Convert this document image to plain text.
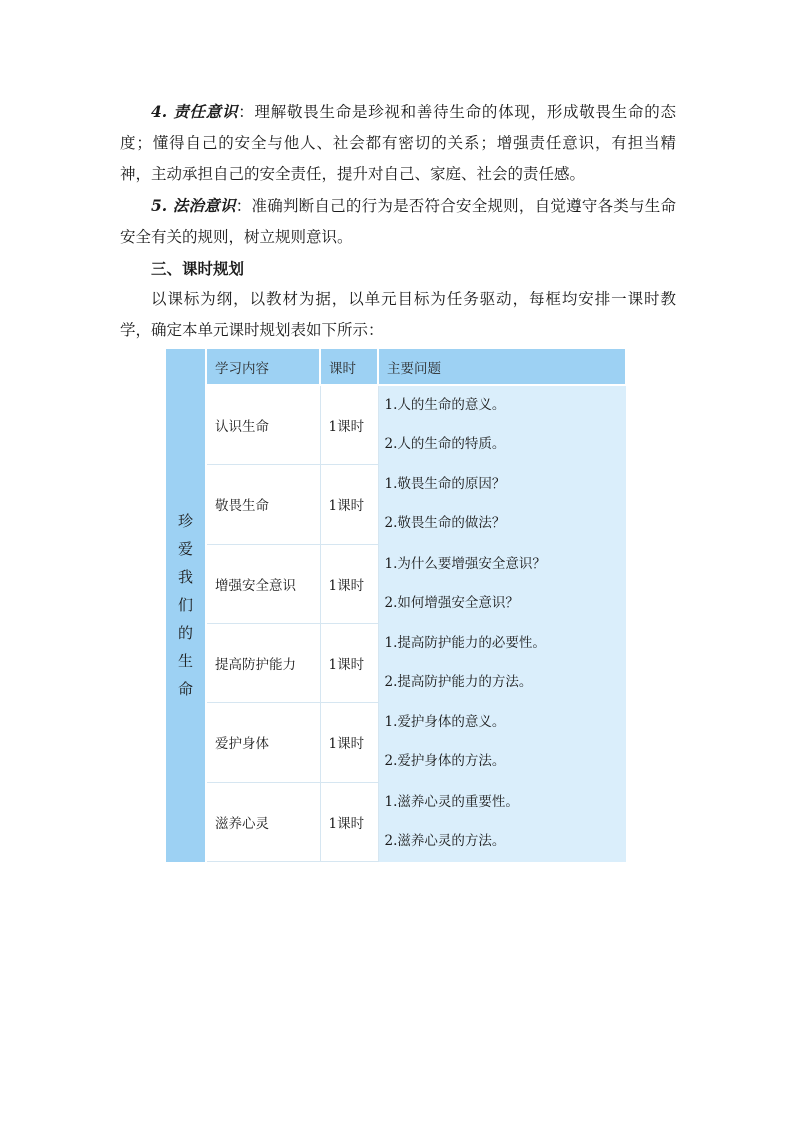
4. 责任意识：理解敬畏生命是珍视和善待生命的体现，形成敬畏生命的态度；懂得自己的安全与他人、社会都有密切的关系；增强责任意识，有担当精神，主动承担自己的安全责任，提升对自己、家庭、社会的责任感。

5. 法治意识：准确判断自己的行为是否符合安全规则，自觉遵守各类与生命安全有关的规则，树立规则意识。

三、课时规划

以课标为纲，以教材为据，以单元目标为任务驱动，每框均安排一课时教学，确定本单元课时规划表如下所示：

珍爱我们的生命	学习内容	课时	主要问题
	认识生命	1课时	1.人的生命的意义。
2.人的生命的特质。

	敬畏生命	1课时	1.敬畏生命的原因？
2.敬畏生命的做法？

	增强安全意识	1课时	1.为什么要增强安全意识？
2.如何增强安全意识？

	提高防护能力	1课时	1.提高防护能力的必要性。
2.提高防护能力的方法。

	爱护身体	1课时	1.爱护身体的意义。
2.爱护身体的方法。

	滋养心灵	1课时	1.滋养心灵的重要性。
2.滋养心灵的方法。
